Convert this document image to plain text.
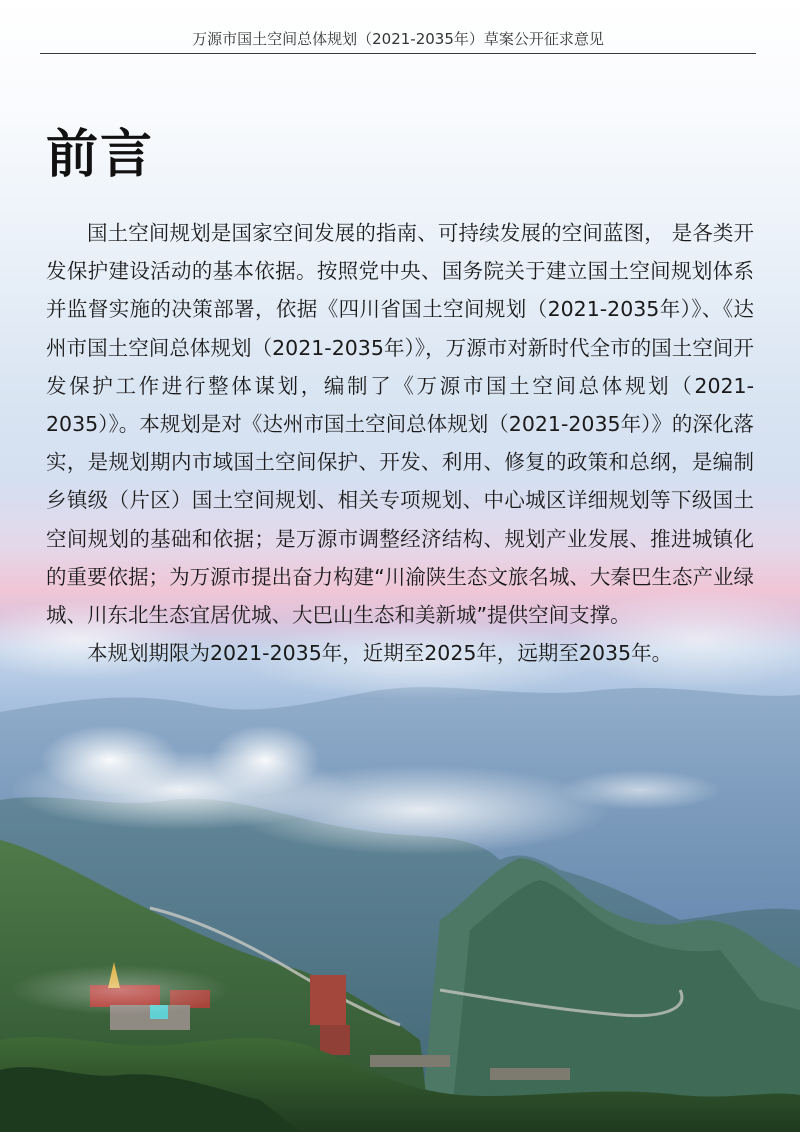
万源市国土空间总体规划（2021-2035年）草案公开征求意见
前言

国土空间规划是国家空间发展的指南、可持续发展的空间蓝图， 是各类开发保护建设活动的基本依据。按照党中央、国务院关于建立国土空间规划体系并监督实施的决策部署，依据《四川省国土空间规划（2021-2035年）》、《达州市国土空间总体规划（2021-2035年）》，万源市对新时代全市的国土空间开发保护工作进行整体谋划，编制了《万源市国土空间总体规划（2021-2035）》。本规划是对《达州市国土空间总体规划（2021-2035年）》的深化落实，是规划期内市域国土空间保护、开发、利用、修复的政策和总纲，是编制乡镇级（片区）国土空间规划、相关专项规划、中心城区详细规划等下级国土空间规划的基础和依据；是万源市调整经济结构、规划产业发展、推进城镇化的重要依据；为万源市提出奋力构建“川渝陕生态文旅名城、大秦巴生态产业绿城、川东北生态宜居优城、大巴山生态和美新城”提供空间支撑。

本规划期限为2021-2035年，近期至2025年，远期至2035年。
